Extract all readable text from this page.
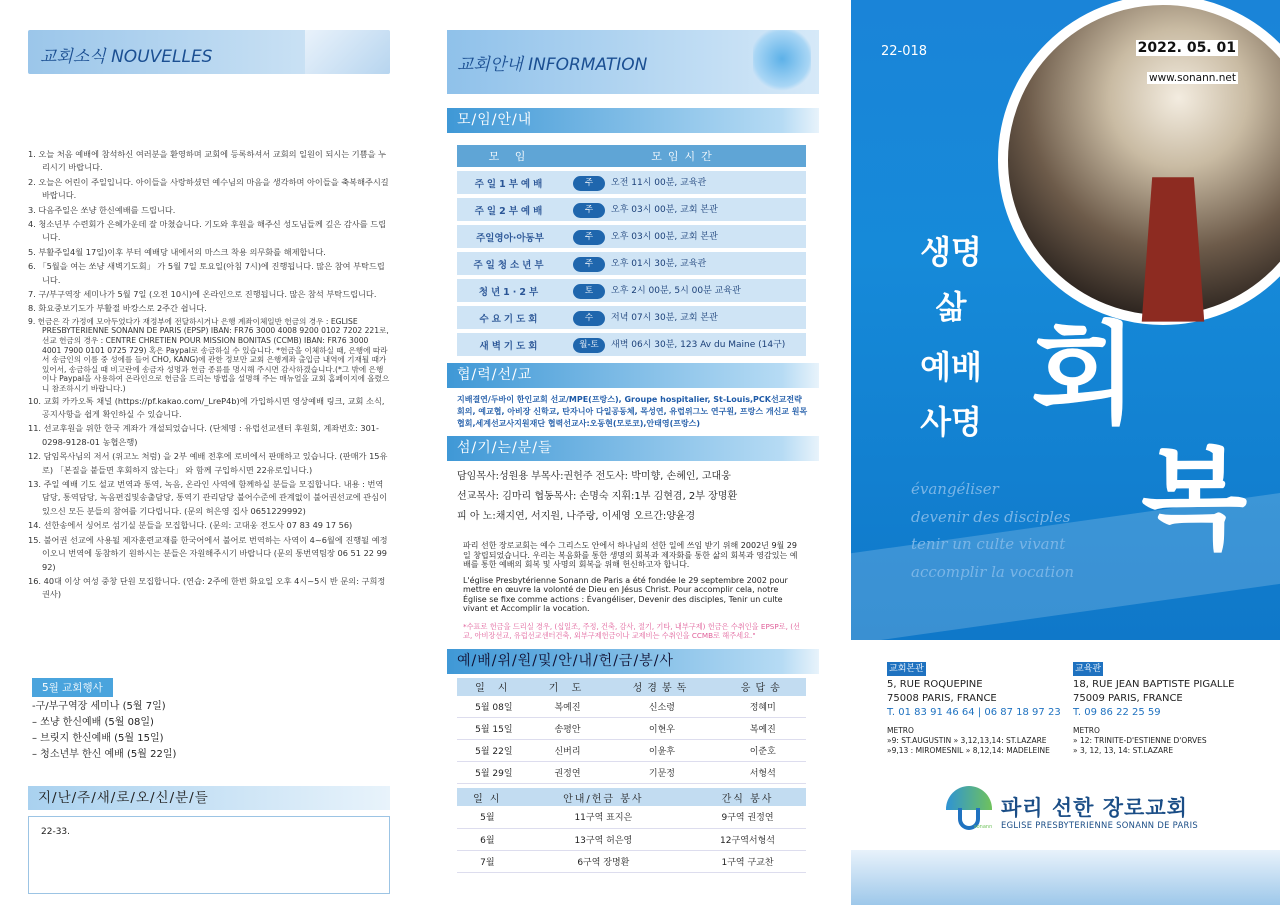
교회소식 NOUVELLES
1. 오늘 처음 예배에 참석하신 여러분을 환영하며 교회에 등록하셔서 교회의 일원이 되시는 기쁨을 누리시기 바랍니다.
2. 오늘은 어린이 주일입니다. 아이들을 사랑하셨던 예수님의 마음을 생각하며 아이들을 축복해주시길 바랍니다.
3. 다음주일은 쏘냥 한신예배를 드립니다.
4. 청소년부 수련회가 은혜가운데 잘 마쳤습니다. 기도와 후원을 해주신 성도님들께 깊은 감사를 드립니다.
5. 부활주일4월 17일)이후 부터 예배당 내에서의 마스크 착용 의무화를 해제합니다.
6. 「5월을 여는 쏘냥 새벽기도회」 가 5월 7일 토요일(아침 7시)에 진행됩니다. 많은 참여 부탁드립니다.
7. 구/부구역장 세미나가 5월 7일 (오전 10시)에 온라인으로 진행됩니다. 많은 참석 부탁드립니다.
8. 화요중보기도가 부활절 바캉스로 2주간 쉽니다.
9. 헌금은 각 가정에 모아두었다가 재정부에 전달하시거나 은행 계좌이체일반 헌금의 경우 : EGLISE PRESBYTERIENNE SONANN DE PARIS (EPSP) IBAN: FR76 3000 4008 9200 0102 7202 221로, 선교 헌금의 경우 : CENTRE CHRETIEN POUR MISSION BONITAS (CCMB) IBAN: FR76 3000 4001 7900 0101 0725 729) 혹은 Paypal로 송금하실 수 있습니다. *헌금을 이체하실 때, 은행에 따라서 송금인의 이름 중 성에를 들어 CHO, KANG)에 관한 정보만 교회 은행계좌 출입금 내역에 기재될 때가 있어서, 송금하실 때 비고란에 송금자 성명과 헌금 종류를 명시해 주시면 감사하겠습니다.(*그 밖에 은행이나 Paypal을 사용하여 온라인으로 헌금을 드리는 방법을 설명해 주는 매뉴얼을 교회 홈페이지에 올렸으니 참조하시기 바랍니다.)
10. 교회 카카오톡 채널 (https://pf.kakao.com/_LreP4b)에 가입하시면 영상예배 링크, 교회 소식, 공지사항을 쉽게 확인하실 수 있습니다.
11. 선교후원을 위한 한국 계좌가 개설되었습니다. (단체명 : 유럽선교센터 후원회, 계좌번호: 301-0298-9128-01 농협은행)
12. 담임목사님의 저서 (위고노 처럼) 을 2부 예배 전후에 로비에서 판매하고 있습니다. (판매가 15유로) 「본질을 붙들면 후회하지 않는다」 와 함께 구입하시면 22유로입니다.)
13. 주일 예배 기도 설교 번역과 통역, 녹음, 온라인 사역에 함께하실 분들을 모집합니다. 내용 : 번역담당, 통역담당, 녹음편집및송출담당, 통역기 관리담당 불어수준에 관계없이 불어권선교에 관심이 있으신 모든 분들의 참여를 기다립니다. (문의 허은영 집사 0651229992)
14. 선한송에서 싱어로 섬기실 분들을 모집합니다. (문의: 고대웅 전도사 07 83 49 17 56)
15. 불어권 선교에 사용될 제자훈련교재를 한국어에서 불어로 번역하는 사역이 4~6월에 진행될 예정이오니 번역에 동참하기 원하시는 분들은 자원해주시기 바랍니다 (문의 통번역팀장 06 51 22 99 92)
16. 40대 이상 여성 중창 단원 모집합니다. (연습: 2주에 한번 화요일 오후 4시~5시 반 문의: 구희정 권사)
5월 교회행사
-구/부구역장 세미나 (5월 7일)
– 쏘냥 한신예배 (5월 08일)
– 브릿지 한신예배 (5월 15일)
– 청소년부 한신 예배 (5월 22일)
지/난/주/새/로/오/신/분/들
22-33.
교회안내 INFORMATION
모/임/안/내
모 임	모임시간
주일1부예배	주 오전 11시 00분, 교육관
주일2부예배	주 오후 03시 00분, 교회 본관
주일영아·아동부	주 오후 03시 00분, 교회 본관
주일청소년부	주 오후 01시 30분, 교육관
청년1·2부	토 오후 2시 00분, 5시 00분 교육관
수요기도회	수 저녁 07시 30분, 교회 본관
새벽기도회	월-토 새벽 06시 30분, 123 Av du Maine (14구)
협/력/선/교
지배결연/두바이 한인교회 선교/MPE(프랑스), Groupe hospitalier, St-Louis,PCK선교전략회의, 예교협, 아비장 신학교, 탄자니아 다일공동체, 목성연, 유럽위그노 연구원, 프랑스 개신교 원목협회,세계선교사지원재단 협력선교사:오동현(모로코),안태영(프랑스)
섬/기/는/분/들
담임목사:성원용 부목사:권헌주 전도사: 박미향, 손혜인, 고대웅
선교목사: 김마리 협동목사: 손명숙 지휘:1부 김현겸, 2부 장명환
피 아 노:채지연, 서지원, 나주랑, 이세영 오르간:양윤경
파리 선한 장로교회는 예수 그리스도 안에서 하나님의 선한 일에 쓰임 받기 위해 2002년 9월 29일 창립되었습니다. 우리는 복음화를 통한 생명의 회복과 제자화를 통한 삶의 회복과 영감있는 예배를 통한 예배의 회복 및 사명의 회복을 위해 헌신하고자 합니다.
L'église Presbytérienne Sonann de Paris a été fondée le 29 septembre 2002 pour mettre en œuvre la volonté de Dieu en Jésus Christ. Pour accomplir cela, notre Église se fixe comme actions : Évangéliser, Devenir des disciples, Tenir un culte vivant et Accomplir la vocation.
*수표로 헌금을 드리실 경우, (십일조, 주정, 건축, 감사, 절기, 기타, 내부구제) 헌금은 수취인을 EPSP로, (선교, 아비장선교, 유럽선교센터건축, 외부구제헌금이나 교제비는 수취인을 CCMB로 해주세요."
예/배/위/원/및/안/내/헌/금/봉/사
일 시	기 도	성경봉독	응답송
5월 08일	복예진	신소령	정혜미
5월 15일	송평안	이현우	복예진
5월 22일	신버리	이윤후	이준호
5월 29일	권정연	기문정	서형석
일 시	안내/헌금 봉사	간식 봉사
5월	11구역 표지은	9구역 권정연
6월	13구역 허은영	12구역서형석
7월	6구역 장명환	1구역 구교찬
22-018	2022. 05. 01
www.sonann.net
생명
삶
예배
사명 회
복
évangéliser
devenir des disciples
tenir un culte vivant
accomplir la vocation
교회본관
5, RUE ROQUEPINE
75008 PARIS, FRANCE
T. 01 83 91 46 64 | 06 87 18 97 23
METRO
»9: ST.AUGUSTIN » 3,12,13,14: ST.LAZARE
»9,13 : MIROMESNIL » 8,12,14: MADELEINE
교육관
18, RUE JEAN BAPTISTE PIGALLE
75009 PARIS, FRANCE
T. 09 86 22 25 59
METRO
» 12: TRINITE-D'ESTIENNE D'ORVES
» 3, 12, 13, 14: ST.LAZARE
sonann
파리 선한 장로교회
EGLISE PRESBYTERIENNE SONANN DE PARIS
